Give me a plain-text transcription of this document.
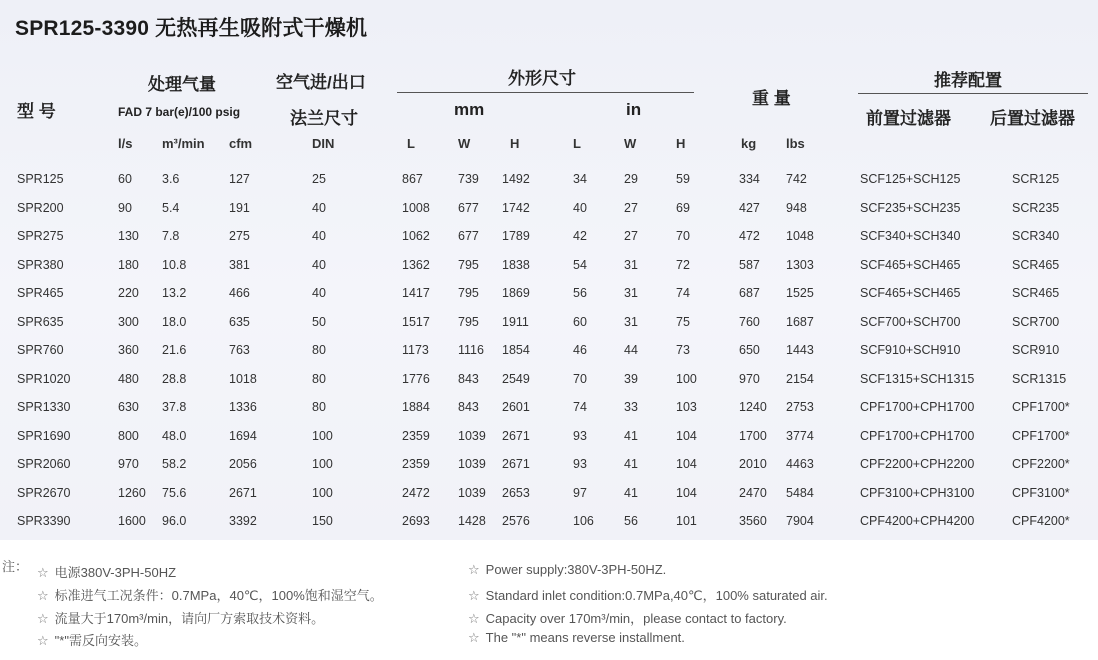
SPR125-3390 无热再生吸附式干燥机
型 号
处理气量
FAD 7 bar(e)/100 psig
空气进/出口
法兰尺寸
外形尺寸
mm	in
重 量
推荐配置
前置过滤器 后置过滤器
l/s m³/min cfm	DIN	L	W	H	L	W	H	kg lbs
SPR125	60 3.6	127	25	867	739 1492	34	29	59	334 742	SCF125+SCH125	SCR125
SPR200	90 5.4	191	40	1008 677 1742	40	27	69	427 948	SCF235+SCH235	SCR235
SPR275	130 7.8	275	40	1062 677 1789	42	27	70	472 1048	SCF340+SCH340	SCR340
SPR380	180 10.8	381	40	1362 795 1838	54	31	72	587 1303	SCF465+SCH465	SCR465
SPR465	220 13.2	466	40	1417 795 1869	56	31	74	687 1525	SCF465+SCH465	SCR465
SPR635	300 18.0	635	50	1517 795 1911	60	31	75	760 1687	SCF700+SCH700	SCR700
SPR760	360 21.6	763	80	1173 1116 1854	46	44	73	650 1443	SCF910+SCH910	SCR910
SPR1020	480 28.8	1018	80	1776 843 2549	70	39	100	970 2154	SCF1315+SCH1315	SCR1315
SPR1330	630 37.8	1336	80	1884 843 2601	74	33	103	1240 2753	CPF1700+CPH1700	CPF1700*
SPR1690	800 48.0	1694	100	2359 1039 2671	93	41	104	1700 3774	CPF1700+CPH1700	CPF1700*
SPR2060	970 58.2	2056	100	2359 1039 2671	93	41	104	2010 4463	CPF2200+CPH2200	CPF2200*
SPR2670	1260 75.6	2671	100	2472 1039 2653	97	41	104	2470 5484	CPF3100+CPH3100	CPF3100*
SPR3390	1600 96.0	3392	150	2693 1428 2576	106 56	101	3560 7904	CPF4200+CPH4200	CPF4200*
注： ☆ 电源380V-3PH-50HZ
☆ 标准进气工况条件：0.7MPa，40℃，100%饱和湿空气。
☆ 流量大于170m³/min，请向厂方索取技术资料。
☆ "*"需反向安装。
☆ Power supply:380V-3PH-50HZ.
☆ Standard inlet condition:0.7MPa,40℃，100% saturated air.
☆ Capacity over 170m³/min，please contact to factory.
☆ The "*" means reverse installment.
